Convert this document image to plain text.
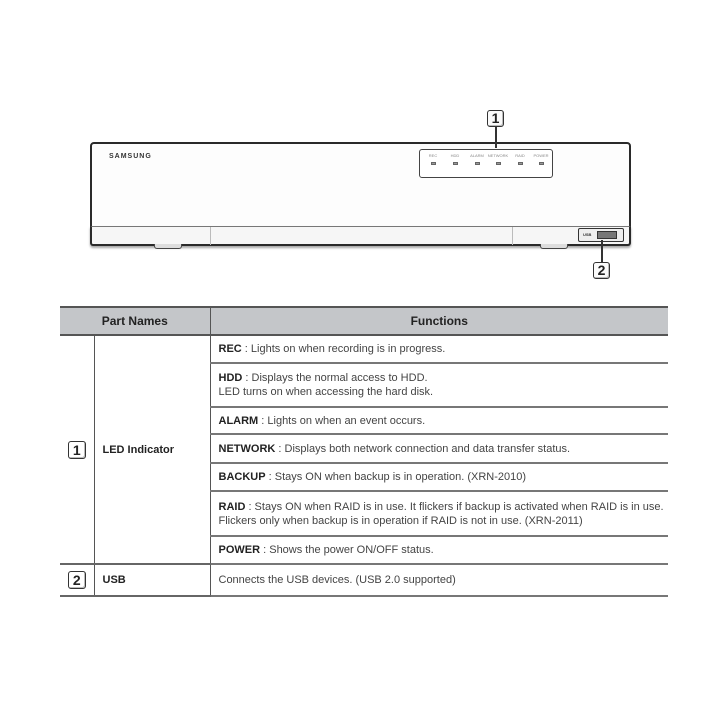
SAMSUNG	REC	HDD	ALARM NETWORK	RAID	POWER
USB
1
2
Part Names		Functions
1	LED Indicator	REC : Lights on when recording is in progress.
		HDD : Displays the normal access to HDD.
LED turns on when accessing the hard disk.
		ALARM : Lights on when an event occurs.
		NETWORK : Displays both network connection and data transfer status.
		BACKUP : Stays ON when backup is in operation. (XRN-2010)
		RAID : Stays ON when RAID is in use. It flickers if backup is activated when RAID is in use.
Flickers only when backup is in operation if RAID is not in use. (XRN-2011)
		POWER : Shows the power ON/OFF status.
2	USB	Connects the USB devices. (USB 2.0 supported)
